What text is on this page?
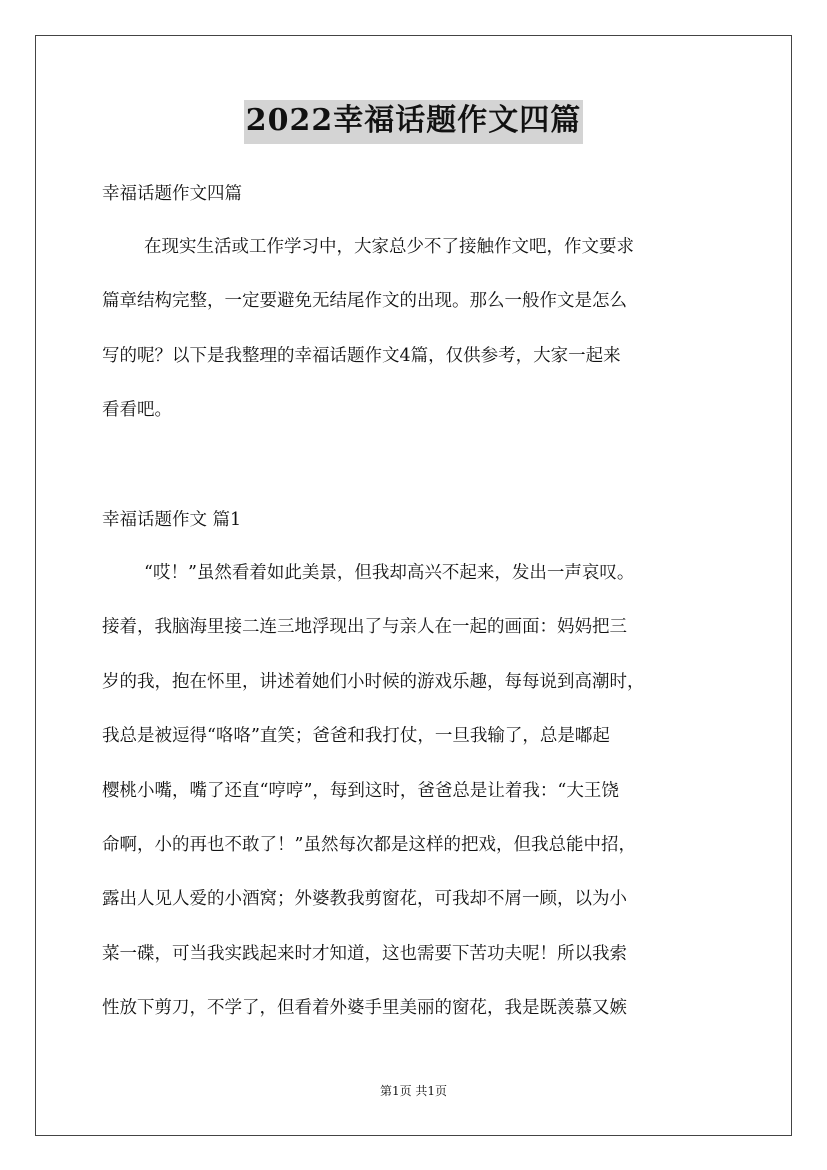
2022幸福话题作文四篇
幸福话题作文四篇
在现实生活或工作学习中，大家总少不了接触作文吧，作文要求
篇章结构完整，一定要避免无结尾作文的出现。那么一般作文是怎么
写的呢？以下是我整理的幸福话题作文4篇，仅供参考，大家一起来
看看吧。
幸福话题作文 篇1
“哎！”虽然看着如此美景，但我却高兴不起来，发出一声哀叹。
接着，我脑海里接二连三地浮现出了与亲人在一起的画面：妈妈把三
岁的我，抱在怀里，讲述着她们小时候的游戏乐趣，每每说到高潮时，
我总是被逗得“咯咯”直笑；爸爸和我打仗，一旦我输了，总是嘟起
樱桃小嘴，嘴了还直“哼哼”，每到这时，爸爸总是让着我：“大王饶
命啊，小的再也不敢了！”虽然每次都是这样的把戏，但我总能中招，
露出人见人爱的小酒窝；外婆教我剪窗花，可我却不屑一顾，以为小
菜一碟，可当我实践起来时才知道，这也需要下苦功夫呢！所以我索
性放下剪刀，不学了，但看着外婆手里美丽的窗花，我是既羡慕又嫉
第1页 共1页
